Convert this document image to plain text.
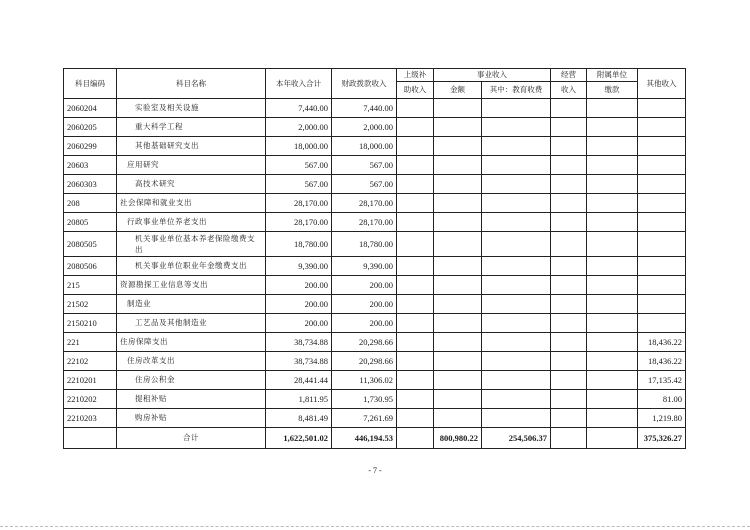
科目编码	科目名称	本年收入合计	财政拨款收入	上级补	事业收入		经营	附属单位	其他收入
				助收入	金额	其中：教育收费	收入	缴款	
2060204	实验室及相关设施	7,440.00	7,440.00						
2060205	重大科学工程	2,000.00	2,000.00						
2060299	其他基础研究支出	18,000.00	18,000.00						
20603	应用研究	567.00	567.00						
2060303	高技术研究	567.00	567.00						
208	社会保障和就业支出	28,170.00	28,170.00						
20805	行政事业单位养老支出	28,170.00	28,170.00						
2080505	机关事业单位基本养老保险缴费支出	18,780.00	18,780.00						
2080506	机关事业单位职业年金缴费支出	9,390.00	9,390.00						
215	资源勘探工业信息等支出	200.00	200.00						
21502	制造业	200.00	200.00						
2150210	工艺品及其他制造业	200.00	200.00						
221	住房保障支出	38,734.88	20,298.66						18,436.22
22102	住房改革支出	38,734.88	20,298.66						18,436.22
2210201	住房公积金	28,441.44	11,306.02						17,135.42
2210202	提租补贴	1,811.95	1,730.95						81.00
2210203	购房补贴	8,481.49	7,261.69						1,219.80
	合计	1,622,501.02	446,194.53		800,980.22	254,506.37			375,326.27
- 7 -
